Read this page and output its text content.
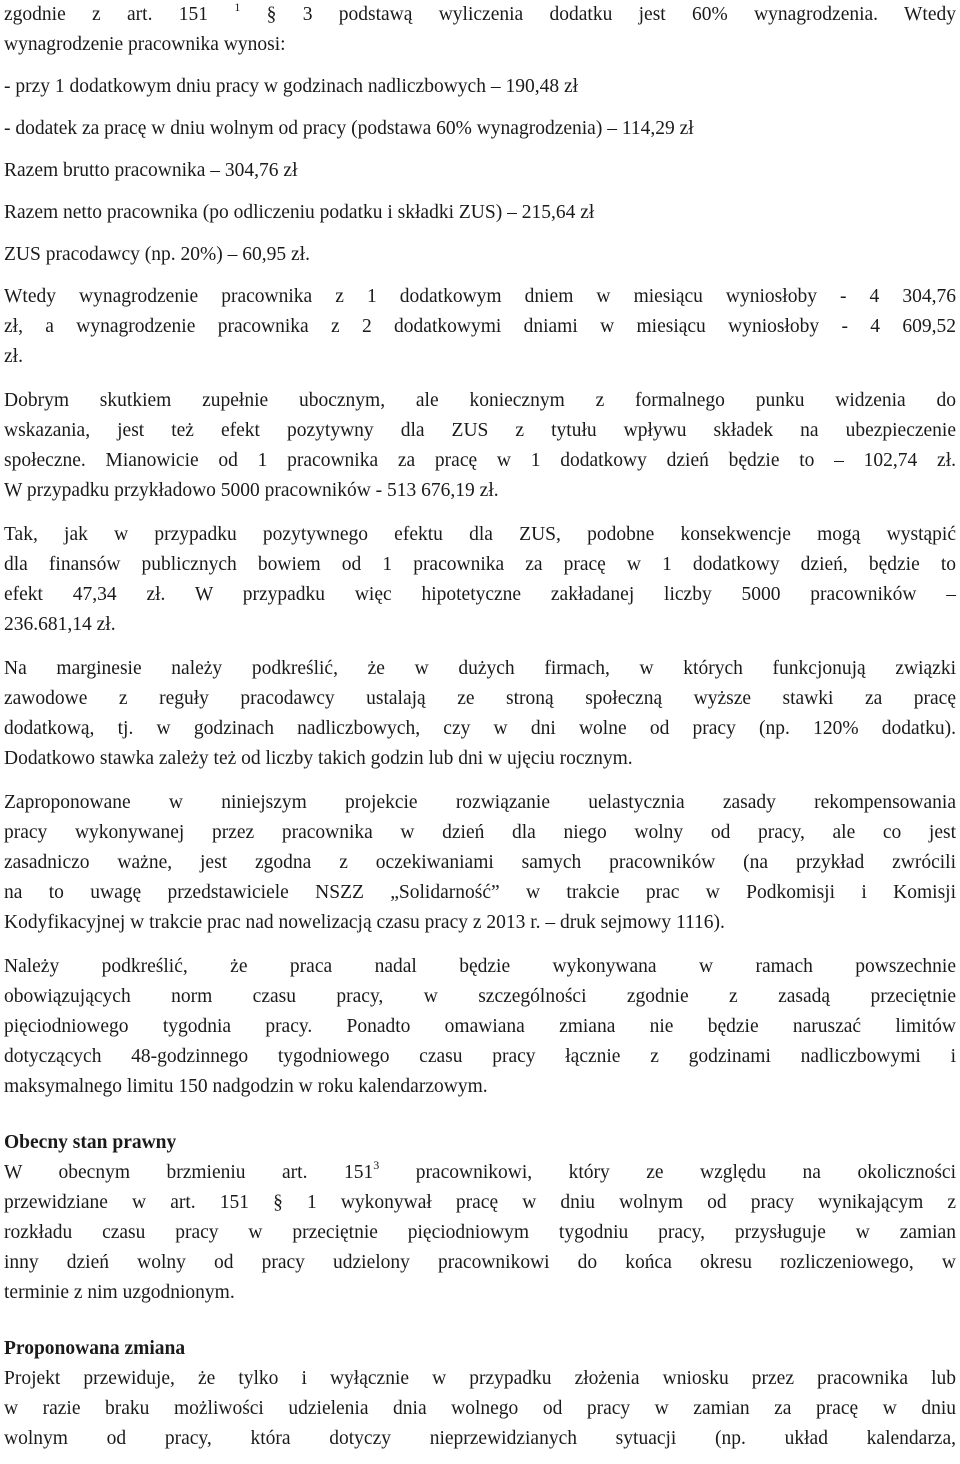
zgodnie z art. 151 $^1$ § 3 podstawą wyliczenia dodatku jest 60% wynagrodzenia. Wtedy
wynagrodzenie pracownika wynosi:

- przy 1 dodatkowym dniu pracy w godzinach nadliczbowych – 190,48 zł

- dodatek za pracę w dniu wolnym od pracy (podstawa 60% wynagrodzenia) – 114,29 zł

Razem brutto pracownika – 304,76 zł

Razem netto pracownika (po odliczeniu podatku i składki ZUS) – 215,64 zł

ZUS pracodawcy (np. 20%) – 60,95 zł.

Wtedy wynagrodzenie pracownika z 1 dodatkowym dniem w miesiącu wyniosłoby - 4 304,76
zł, a wynagrodzenie pracownika z 2 dodatkowymi dniami w miesiącu wyniosłoby - 4 609,52
zł.

Dobrym skutkiem zupełnie ubocznym, ale koniecznym z formalnego punku widzenia do
wskazania, jest też efekt pozytywny dla ZUS z tytułu wpływu składek na ubezpieczenie
społeczne. Mianowicie od 1 pracownika za pracę w 1 dodatkowy dzień będzie to – 102,74 zł.
W przypadku przykładowo 5000 pracowników - 513 676,19 zł.

Tak, jak w przypadku pozytywnego efektu dla ZUS, podobne konsekwencje mogą wystąpić
dla finansów publicznych bowiem od 1 pracownika za pracę w 1 dodatkowy dzień, będzie to
efekt 47,34 zł. W przypadku więc hipotetyczne zakładanej liczby 5000 pracowników –
236.681,14 zł.

Na marginesie należy podkreślić, że w dużych firmach, w których funkcjonują związki
zawodowe z reguły pracodawcy ustalają ze stroną społeczną wyższe stawki za pracę
dodatkową, tj. w godzinach nadliczbowych, czy w dni wolne od pracy (np. 120% dodatku).
Dodatkowo stawka zależy też od liczby takich godzin lub dni w ujęciu rocznym.

Zaproponowane w niniejszym projekcie rozwiązanie uelastycznia zasady rekompensowania
pracy wykonywanej przez pracownika w dzień dla niego wolny od pracy, ale co jest
zasadniczo ważne, jest zgodna z oczekiwaniami samych pracowników (na przykład zwrócili
na to uwagę przedstawiciele NSZZ „Solidarność” w trakcie prac w Podkomisji i Komisji
Kodyfikacyjnej w trakcie prac nad nowelizacją czasu pracy z 2013 r. – druk sejmowy 1116).

Należy podkreślić, że praca nadal będzie wykonywana w ramach powszechnie
obowiązujących norm czasu pracy, w szczególności zgodnie z zasadą przeciętnie
pięciodniowego tygodnia pracy. Ponadto omawiana zmiana nie będzie naruszać limitów
dotyczących 48-godzinnego tygodniowego czasu pracy łącznie z godzinami nadliczbowymi i
maksymalnego limitu 150 nadgodzin w roku kalendarzowym.

Obecny stan prawny

W obecnym brzmieniu art. $151^3$ pracownikowi, który ze względu na okoliczności
przewidziane w art. 151 § 1 wykonywał pracę w dniu wolnym od pracy wynikającym z
rozkładu czasu pracy w przeciętnie pięciodniowym tygodniu pracy, przysługuje w zamian
inny dzień wolny od pracy udzielony pracownikowi do końca okresu rozliczeniowego, w
terminie z nim uzgodnionym.

Proponowana zmiana

Projekt przewiduje, że tylko i wyłącznie w przypadku złożenia wniosku przez pracownika lub
w razie braku możliwości udzielenia dnia wolnego od pracy w zamian za pracę w dniu
wolnym od pracy, która dotyczy nieprzewidzianych sytuacji (np. układ kalendarza,
